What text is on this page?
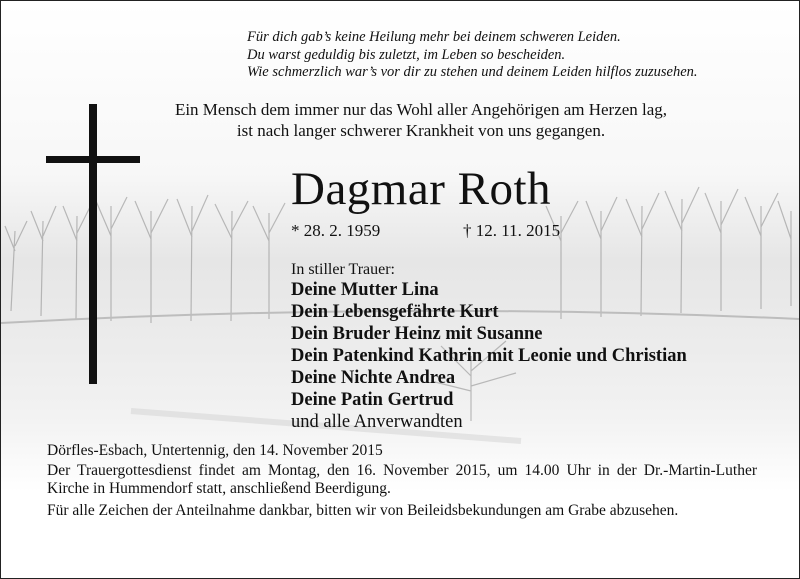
Für dich gab’s keine Heilung mehr bei deinem schweren Leiden.
Du warst geduldig bis zuletzt, im Leben so bescheiden.
Wie schmerzlich war’s vor dir zu stehen und deinem Leiden hilflos zuzusehen.
Ein Mensch dem immer nur das Wohl aller Angehörigen am Herzen lag,
ist nach langer schwerer Krankheit von uns gegangen.
Dagmar Roth
* 28. 2. 1959	† 12. 11. 2015
In stiller Trauer:
Deine Mutter Lina
Dein Lebensgefährte Kurt
Dein Bruder Heinz mit Susanne
Dein Patenkind Kathrin mit Leonie und Christian
Deine Nichte Andrea
Deine Patin Gertrud
und alle Anverwandten

Dörfles-Esbach, Untertennig, den 14. November 2015

Der Trauergottesdienst findet am Montag, den 16. November 2015, um 14.00 Uhr in der Dr.-Martin-Luther Kirche in Hummendorf statt, anschließend Beerdigung.

Für alle Zeichen der Anteilnahme dankbar, bitten wir von Beileidsbekundungen am Grabe abzusehen.
